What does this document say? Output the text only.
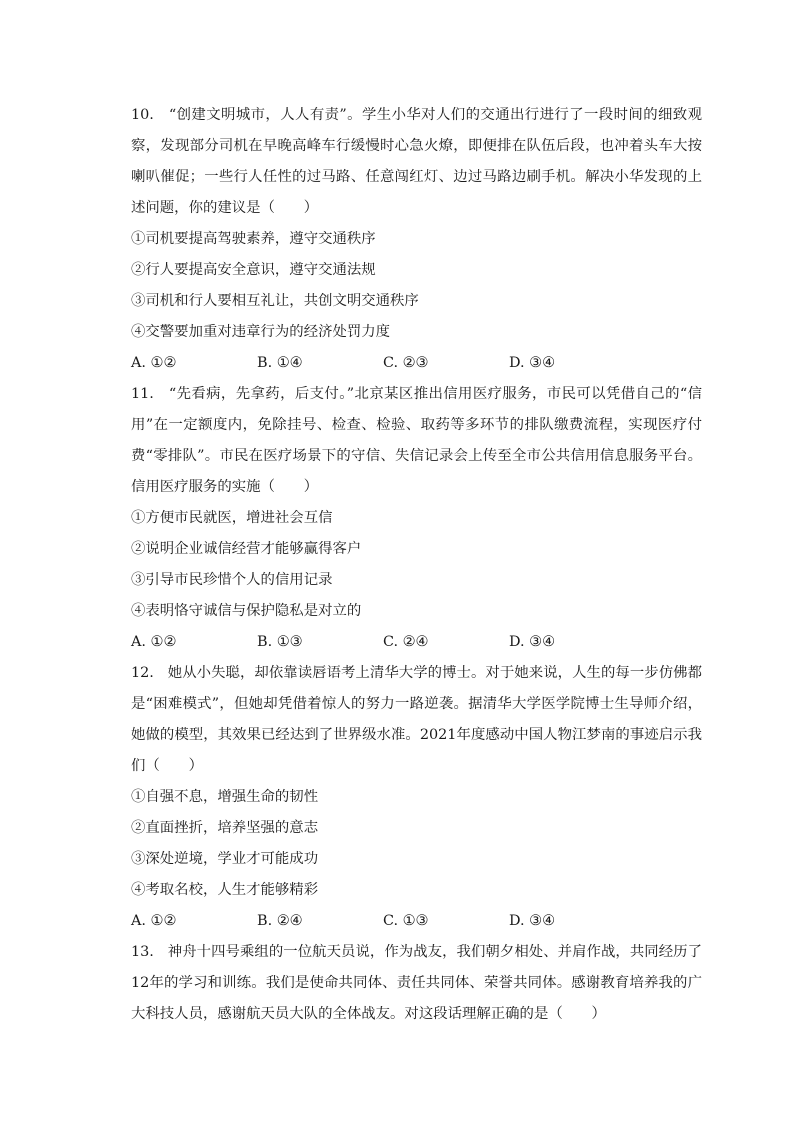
10. “创建文明城市，人人有责”。学生小华对人们的交通出行进行了一段时间的细致观察，发现部分司机在早晚高峰车行缓慢时心急火燎，即便排在队伍后段，也冲着头车大按喇叭催促；一些行人任性的过马路、任意闯红灯、边过马路边刷手机。解决小华发现的上述问题，你的建议是（　　）

①司机要提高驾驶素养，遵守交通秩序

②行人要提高安全意识，遵守交通法规

③司机和行人要相互礼让，共创文明交通秩序

④交警要加重对违章行为的经济处罚力度

A. ①②	B. ①④	C. ②③	D. ③④

11. “先看病，先拿药，后支付。”北京某区推出信用医疗服务，市民可以凭借自己的“信用”在一定额度内，免除挂号、检查、检验、取药等多环节的排队缴费流程，实现医疗付费“零排队”。市民在医疗场景下的守信、失信记录会上传至全市公共信用信息服务平台。信用医疗服务的实施（　　）

①方便市民就医，增进社会互信

②说明企业诚信经营才能够赢得客户

③引导市民珍惜个人的信用记录

④表明恪守诚信与保护隐私是对立的

A. ①②	B. ①③	C. ②④	D. ③④

12. 她从小失聪，却依靠读唇语考上清华大学的博士。对于她来说，人生的每一步仿佛都是“困难模式”，但她却凭借着惊人的努力一路逆袭。据清华大学医学院博士生导师介绍，她做的模型，其效果已经达到了世界级水准。2021年度感动中国人物江梦南的事迹启示我们（　　）

①自强不息，增强生命的韧性

②直面挫折，培养坚强的意志

③深处逆境，学业才可能成功

④考取名校，人生才能够精彩

A. ①②	B. ②④	C. ①③	D. ③④

13. 神舟十四号乘组的一位航天员说，作为战友，我们朝夕相处、并肩作战，共同经历了12年的学习和训练。我们是使命共同体、责任共同体、荣誉共同体。感谢教育培养我的广大科技人员，感谢航天员大队的全体战友。对这段话理解正确的是（　　）
